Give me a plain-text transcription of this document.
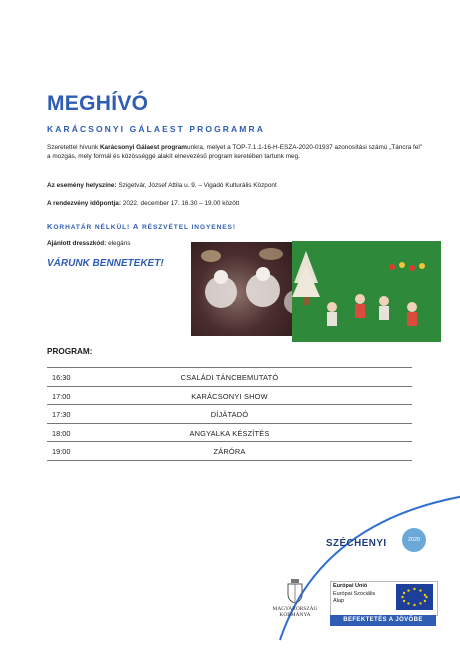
MEGHÍVÓ
KARÁCSONYI GÁLAEST PROGRAMRA
Szeretettel hívunk Karácsonyi Gálaest programunkra, melyet a TOP-7.1.1-16-H-ESZA-2020-01937 azonosítási számú „Táncra fel” a mozgás, mely formál és közösséggé alakít elnevezésű program keretében tartunk meg.
Az esemény helyszíne: Szigetvár, József Attila u. 9. – Vigadó Kulturális Központ
A rendezvény időpontja: 2022. december 17. 16.30 – 19.00 között
KORHATÁR NÉLKÜL! A RÉSZVÉTEL INGYENES!
Ajánlott dresszkód: elegáns
VÁRUNK BENNETEKET!
PROGRAM:
16:30	CSALÁDI TÁNCBEMUTATÓ
17:00	KARÁCSONYI SHOW
17:30	DÍJÁTADÓ
18:00	ANGYALKA KÉSZÍTÉS
19:00	ZÁRÓRA
SZÉCHENYI	2020
MAGYARORSZÁG
KORMÁNYA
Európai Unió
Európai Szociális
Alap
BEFEKTETÉS A JÖVŐBE
